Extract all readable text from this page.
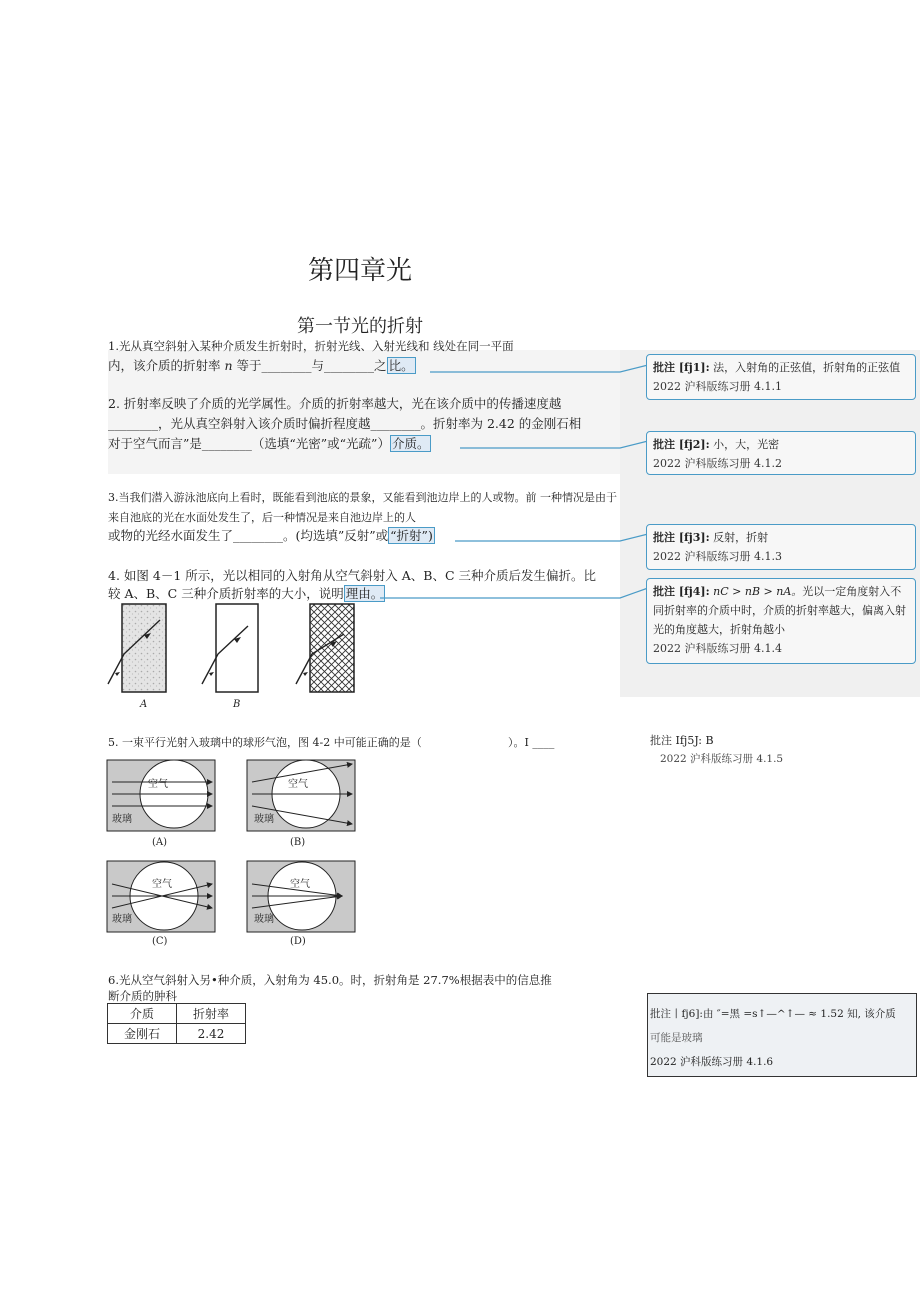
第四章光
第一节光的折射
1.光从真空斜射入某种介质发生折射时，折射光线、入射光线和 线处在同一平面
内，该介质的折射率 n 等于________与________之 比。
2. 折射率反映了介质的光学属性。介质的折射率越大，光在该介质中的传播速度越
________，光从真空斜射入该介质时偏折程度越________。折射率为 2.42 的金刚石相
对于空气而言”是________（选填“光密”或“光疏”） 介质。
3.当我们潜入游泳池底向上看时，既能看到池底的景象，又能看到池边岸上的人或物。前 一种情况是由于
来自池底的光在水面处发生了，后一种情况是来自池边岸上的人
或物的光经水面发生了________。(均选填”反射”或 “折射”)
4. 如图 4－1 所示，光以相同的入射角从空气斜射入 A、B、C 三种介质后发生偏折。比
较 A、B、C 三种介质折射率的大小，说明 理由。
A	B
5. 一束平行光射入玻璃中的球形气泡，图 4-2 中可能正确的是（	）。I ____
空气
玻璃
空气
玻璃
空气
玻璃
空气
玻璃
(A)	(B)
(C)	(D)
6.光从空气斜射入另•种介质，入射角为 45.0。时，折射角是 27.7%根据表中的信息推
断介质的肿科
介质	折射率
金刚石	2.42
批注 [fj1]: 法，入射角的正弦值，折射角的正弦值
2022 沪科版练习册 4.1.1
批注 [fj2]: 小，大，光密
2022 沪科版练习册 4.1.2
批注 [fj3]: 反射，折射
2022 沪科版练习册 4.1.3
批注 [fj4]: nC > nB > nA。光以一定角度射入不同折射率的介质中时，介质的折射率越大，偏离入射光的角度越大，折射角越小
2022 沪科版练习册 4.1.4
批注 Ifj5J: B
2022 沪科版练习册 4.1.5
批注丨fj6]:由 ″=黑 =s↑—^↑— ≈ 1.52 知, 该介质
可能是玻璃
2022 沪科版练习册 4.1.6
